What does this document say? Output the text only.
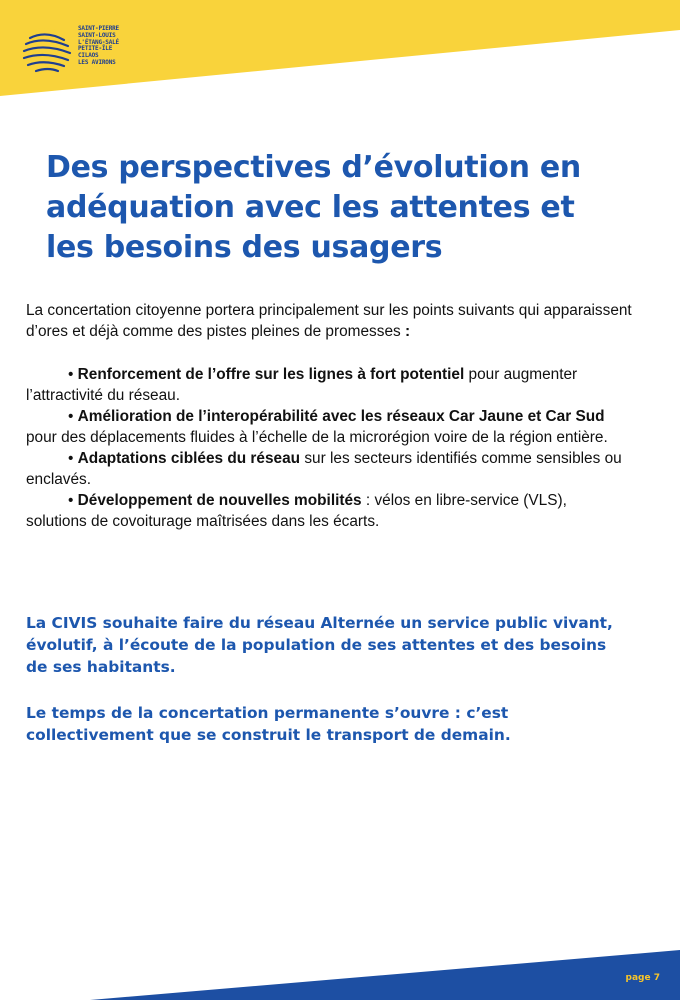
SAINT-PIERRE
SAINT-LOUIS
L'ÉTANG-SALÉ
PETITE-ÎLE
CILAOS
LES AVIRONS
Des perspectives d’évolution en adéquation avec les attentes et les besoins des usagers

La concertation citoyenne portera principalement sur les points suivants qui apparaissent d’ores et déjà comme des pistes pleines de promesses :

• Renforcement de l’offre sur les lignes à fort potentiel pour augmenter l’attractivité du réseau.

• Amélioration de l’interopérabilité avec les réseaux Car Jaune et Car Sud pour des déplacements fluides à l’échelle de la microrégion voire de la région entière.

• Adaptations ciblées du réseau sur les secteurs identifiés comme sensibles ou enclavés.

• Développement de nouvelles mobilités : vélos en libre-service (VLS), solutions de covoiturage maîtrisées dans les écarts.

La CIVIS souhaite faire du réseau Alternée un service public vivant, évolutif, à l’écoute de la population de ses attentes et des besoins de ses habitants.

Le temps de la concertation permanente s’ouvre : c’est collectivement que se construit le transport de demain.

page 7
